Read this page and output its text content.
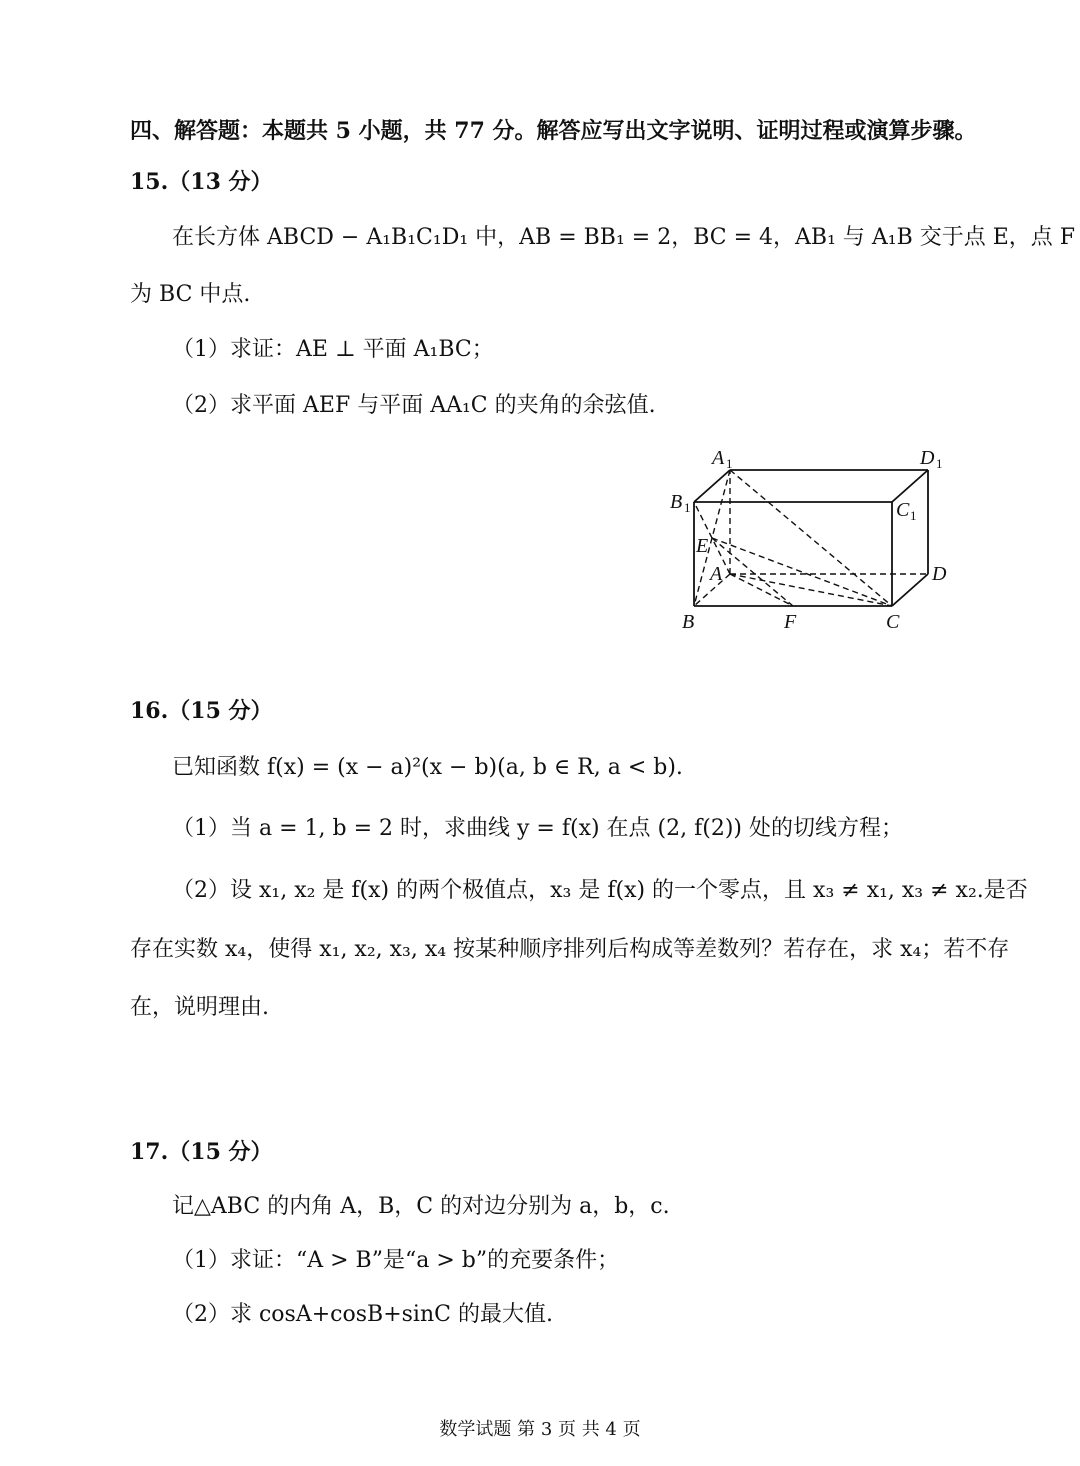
四、解答题：本题共 5 小题，共 77 分。解答应写出文字说明、证明过程或演算步骤。
15.（13 分）
在长方体 ABCD − A₁B₁C₁D₁ 中，AB = BB₁ = 2，BC = 4，AB₁ 与 A₁B 交于点 E，点 F
为 BC 中点.
（1）求证：AE ⊥ 平面 A₁BC；
（2）求平面 AEF 与平面 AA₁C 的夹角的余弦值.
A 1	D 1
B 1	C 1
E
A	D
B	F	C
16.（15 分）
已知函数 f(x) = (x − a)²(x − b)(a, b ∈ R, a < b).
（1）当 a = 1, b = 2 时，求曲线 y = f(x) 在点 (2, f(2)) 处的切线方程；
（2）设 x₁, x₂ 是 f(x) 的两个极值点，x₃ 是 f(x) 的一个零点，且 x₃ ≠ x₁, x₃ ≠ x₂.是否
存在实数 x₄，使得 x₁, x₂, x₃, x₄ 按某种顺序排列后构成等差数列？若存在，求 x₄；若不存
在，说明理由.
17.（15 分）
记△ABC 的内角 A，B，C 的对边分别为 a，b，c.
（1）求证：“A > B”是“a > b”的充要条件；
（2）求 cosA+cosB+sinC 的最大值.
数学试题 第 3 页 共 4 页
